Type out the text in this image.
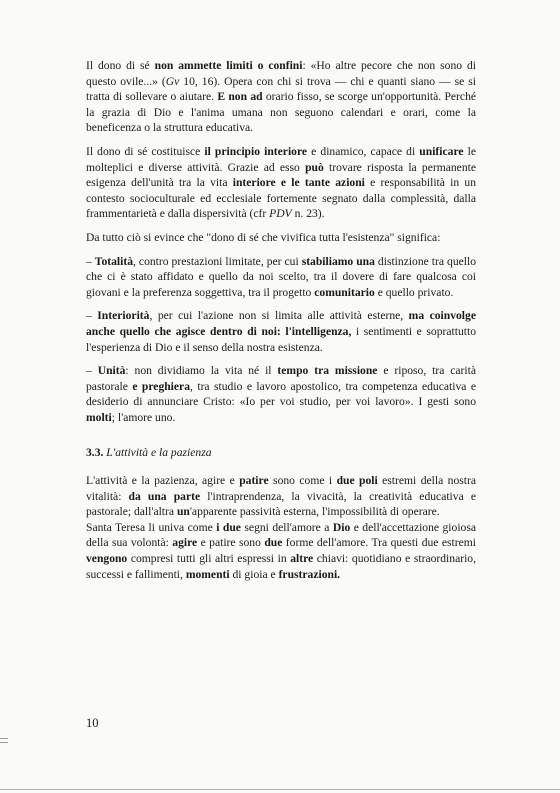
Il dono di sé non ammette limiti o confini: «Ho altre pecore che non sono di questo ovile...» (Gv 10, 16). Opera con chi si trova — chi e quanti siano — se si tratta di sollevare o aiutare. E non ad orario fisso, se scorge un'opportunità. Perché la grazia di Dio e l'anima umana non seguono calendari e orari, come la beneficenza o la struttura educativa.

Il dono di sé costituisce il principio interiore e dinamico, capace di unificare le molteplici e diverse attività. Grazie ad esso può trovare risposta la permanente esigenza dell'unità tra la vita interiore e le tante azioni e responsabilità in un contesto socioculturale ed ecclesiale fortemente segnato dalla complessità, dalla frammentarietà e dalla dispersività (cfr PDV n. 23).

Da tutto ciò si evince che "dono di sé che vivifica tutta l'esistenza" significa:

– Totalità, contro prestazioni limitate, per cui stabiliamo una distinzione tra quello che ci è stato affidato e quello da noi scelto, tra il dovere di fare qualcosa coi giovani e la preferenza soggettiva, tra il progetto comunitario e quello privato.

– Interiorità, per cui l'azione non si limita alle attività esterne, ma coinvolge anche quello che agisce dentro di noi: l'intelligenza, i sentimenti e soprattutto l'esperienza di Dio e il senso della nostra esistenza.

– Unità: non dividiamo la vita né il tempo tra missione e riposo, tra carità pastorale e preghiera, tra studio e lavoro apostolico, tra competenza educativa e desiderio di annunciare Cristo: «Io per voi studio, per voi lavoro». I gesti sono molti; l'amore uno.

3.3. L'attività e la pazienza

L'attività e la pazienza, agire e patire sono come i due poli estremi della nostra vitalità: da una parte l'intraprendenza, la vivacità, la creatività educativa e pastorale; dall'altra un'apparente passività esterna, l'impossibilità di operare.

Santa Teresa li univa come i due segni dell'amore a Dio e dell'accettazione gioiosa della sua volontà: agire e patire sono due forme dell'amore. Tra questi due estremi vengono compresi tutti gli altri espressi in altre chiavi: quotidiano e straordinario, successi e fallimenti, momenti di gioia e frustrazioni.

10
